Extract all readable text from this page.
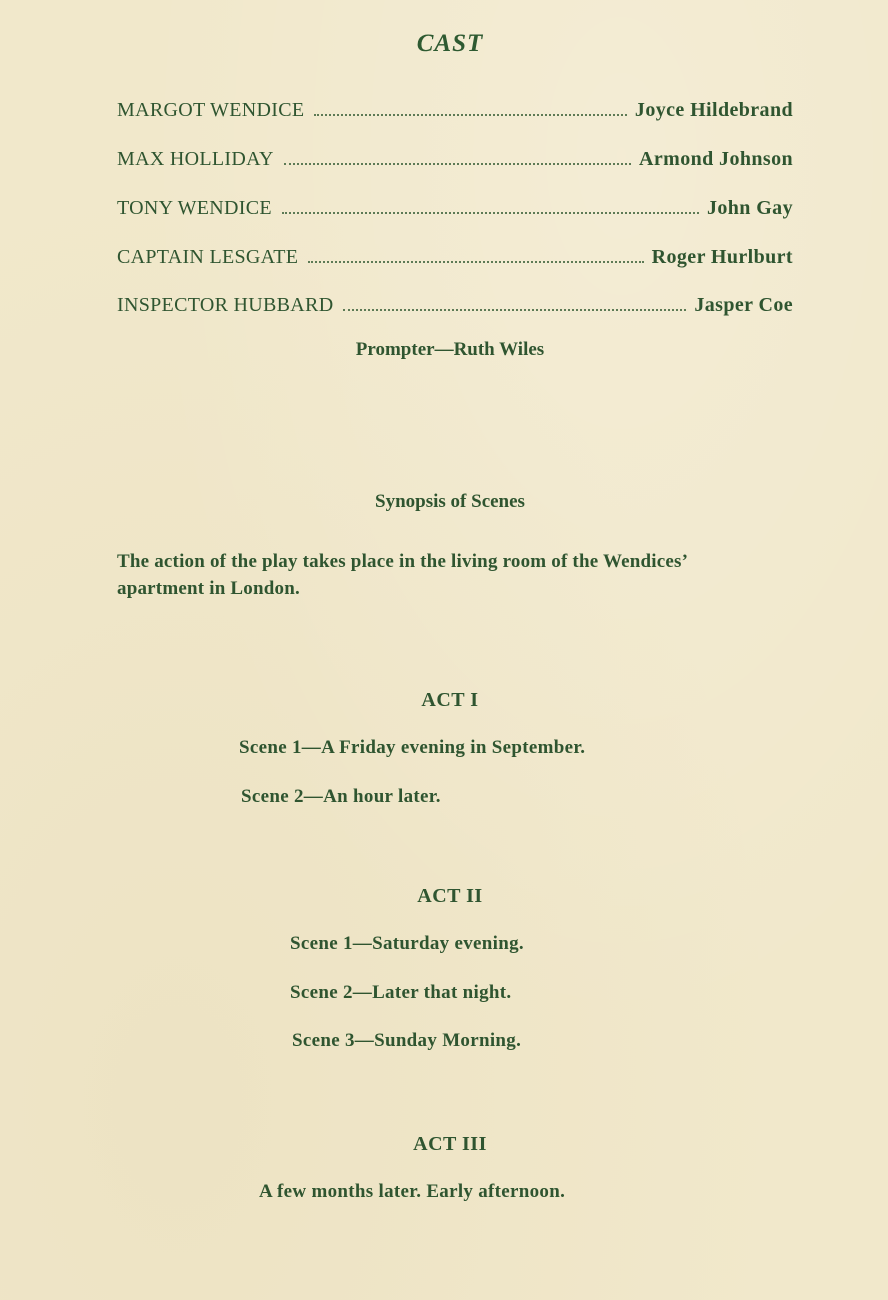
CAST
MARGOT WENDICE	Joyce Hildebrand
MAX HOLLIDAY	Armond Johnson
TONY WENDICE	John Gay
CAPTAIN LESGATE	Roger Hurlburt
INSPECTOR HUBBARD	Jasper Coe
Prompter—Ruth Wiles
Synopsis of Scenes
The action of the play takes place in the living room of the Wendices’
apartment in London.
ACT I
Scene 1—A Friday evening in September.
Scene 2—An hour later.
ACT II
Scene 1—Saturday evening.
Scene 2—Later that night.
Scene 3—Sunday Morning.
ACT III
A few months later. Early afternoon.
